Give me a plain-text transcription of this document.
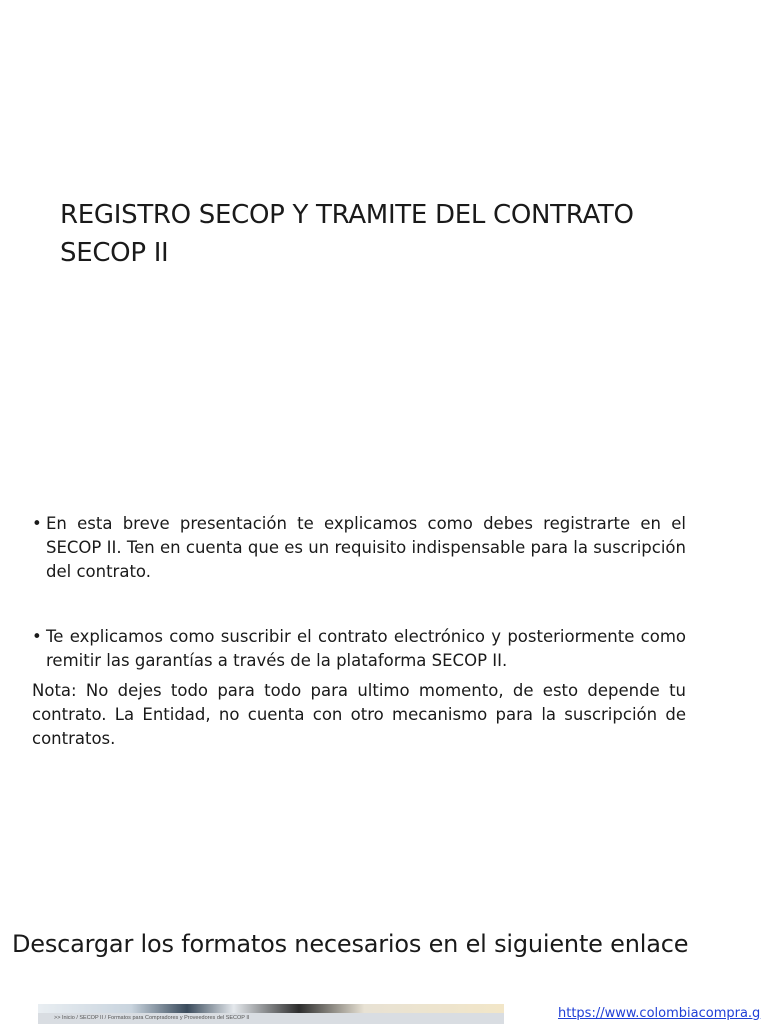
REGISTRO SECOP Y TRAMITE DEL CONTRATO
SECOP II

• En esta breve presentación te explicamos como debes registrarte en el SECOP II. Ten en cuenta que es un requisito indispensable para la suscripción del contrato.

• Te explicamos como suscribir el contrato electrónico y posteriormente como remitir las garantías a través de la plataforma SECOP II.

Nota: No dejes todo para todo para ultimo momento, de esto depende tu contrato. La Entidad, no cuenta con otro mecanismo para la suscripción de contratos.

Descargar los formatos necesarios en el siguiente enlace
>> Inicio / SECOP II / Formatos para Compradores y Proveedores del SECOP II	https://www.colombiacompra.g
